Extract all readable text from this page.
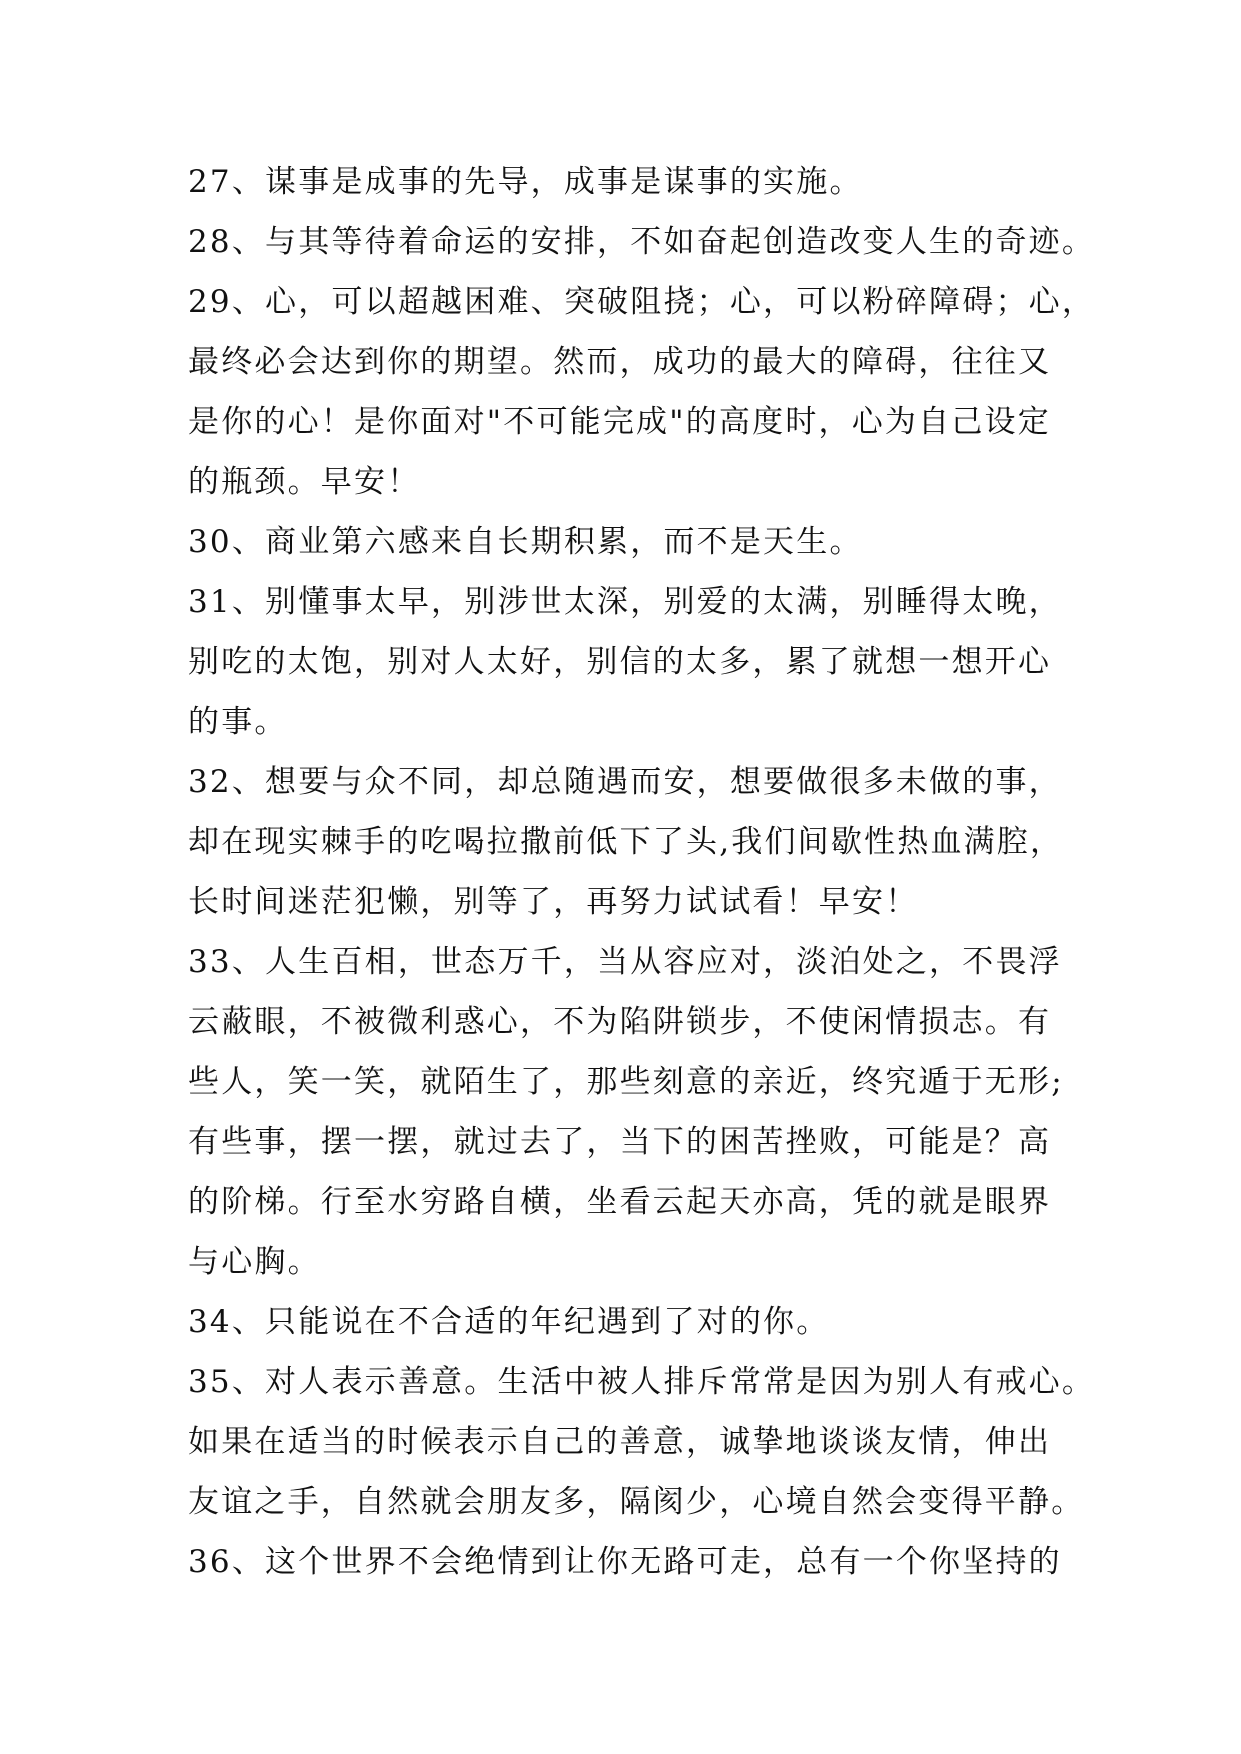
27、谋事是成事的先导，成事是谋事的实施。
28、与其等待着命运的安排，不如奋起创造改变人生的奇迹。
29、心，可以超越困难、突破阻挠；心，可以粉碎障碍；心，
最终必会达到你的期望。然而，成功的最大的障碍，往往又
是你的心！是你面对"不可能完成"的高度时，心为自己设定
的瓶颈。早安！
30、商业第六感来自长期积累，而不是天生。
31、别懂事太早，别涉世太深，别爱的太满，别睡得太晚，
别吃的太饱，别对人太好，别信的太多，累了就想一想开心
的事。
32、想要与众不同，却总随遇而安，想要做很多未做的事，
却在现实棘手的吃喝拉撒前低下了头,我们间歇性热血满腔，
长时间迷茫犯懒，别等了，再努力试试看！早安！
33、人生百相，世态万千，当从容应对，淡泊处之，不畏浮
云蔽眼，不被微利惑心，不为陷阱锁步，不使闲情损志。有
些人，笑一笑，就陌生了，那些刻意的亲近，终究遁于无形;
有些事，摆一摆，就过去了，当下的困苦挫败，可能是？高
的阶梯。行至水穷路自横，坐看云起天亦高，凭的就是眼界
与心胸。
34、只能说在不合适的年纪遇到了对的你。
35、对人表示善意。生活中被人排斥常常是因为别人有戒心。
如果在适当的时候表示自己的善意，诚挚地谈谈友情，伸出
友谊之手，自然就会朋友多，隔阂少，心境自然会变得平静。
36、这个世界不会绝情到让你无路可走，总有一个你坚持的
